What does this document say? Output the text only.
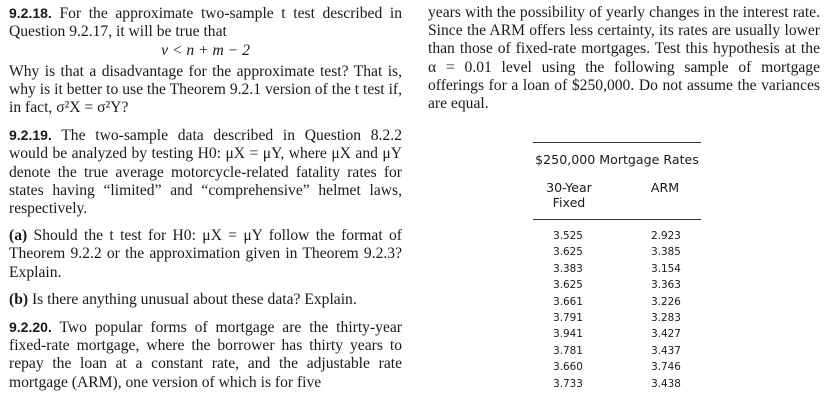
9.2.18. For the approximate two-sample t test described in Question 9.2.17, it will be true that

ν < n + m − 2

Why is that a disadvantage for the approximate test? That is, why is it better to use the Theorem 9.2.1 version of the t test if, in fact, σ²X = σ²Y?

9.2.19. The two-sample data described in Question 8.2.2 would be analyzed by testing H0: μX = μY, where μX and μY denote the true average motorcycle-related fatality rates for states having “limited” and “comprehensive” helmet laws, respectively.

(a) Should the t test for H0: μX = μY follow the format of Theorem 9.2.2 or the approximation given in Theorem 9.2.3? Explain.

(b) Is there anything unusual about these data? Explain.

9.2.20. Two popular forms of mortgage are the thirty-year fixed-rate mortgage, where the borrower has thirty years to repay the loan at a constant rate, and the adjustable rate mortgage (ARM), one version of which is for five

years with the possibility of yearly changes in the interest rate. Since the ARM offers less certainty, its rates are usually lower than those of fixed-rate mortgages. Test this hypothesis at the α = 0.01 level using the following sample of mortgage offerings for a loan of $250,000. Do not assume the variances are equal.

$250,000 Mortgage Rates
30-Year Fixed
ARM
3.525	2.923
3.625	3.385
3.383	3.154
3.625	3.363
3.661	3.226
3.791	3.283
3.941	3.427
3.781	3.437
3.660	3.746
3.733	3.438
